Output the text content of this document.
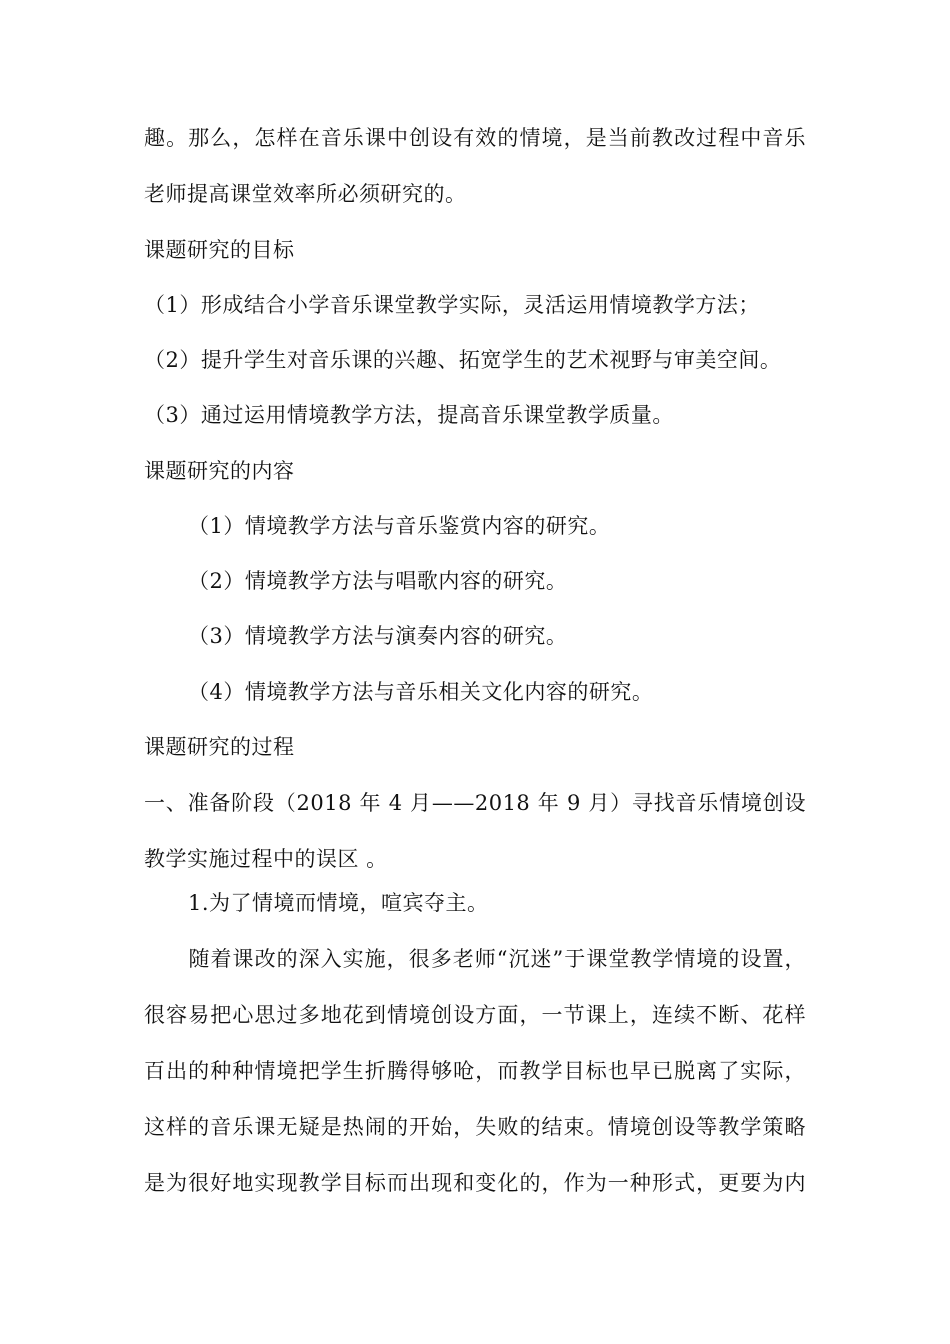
趣。那么，怎样在音乐课中创设有效的情境，是当前教改过程中音乐
老师提高课堂效率所必须研究的。
课题研究的目标
（1）形成结合小学音乐课堂教学实际，灵活运用情境教学方法；
（2）提升学生对音乐课的兴趣、拓宽学生的艺术视野与审美空间。
（3）通过运用情境教学方法，提高音乐课堂教学质量。
课题研究的内容
（1）情境教学方法与音乐鉴赏内容的研究。
（2）情境教学方法与唱歌内容的研究。
（3）情境教学方法与演奏内容的研究。
（4）情境教学方法与音乐相关文化内容的研究。
课题研究的过程
一、准备阶段（2018 年 4 月——2018 年 9 月）寻找音乐情境创设
教学实施过程中的误区 。
1.为了情境而情境，喧宾夺主。
随着课改的深入实施，很多老师“沉迷”于课堂教学情境的设置，
很容易把心思过多地花到情境创设方面，一节课上，连续不断、花样
百出的种种情境把学生折腾得够呛，而教学目标也早已脱离了实际，
这样的音乐课无疑是热闹的开始，失败的结束。情境创设等教学策略
是为很好地实现教学目标而出现和变化的，作为一种形式，更要为内
